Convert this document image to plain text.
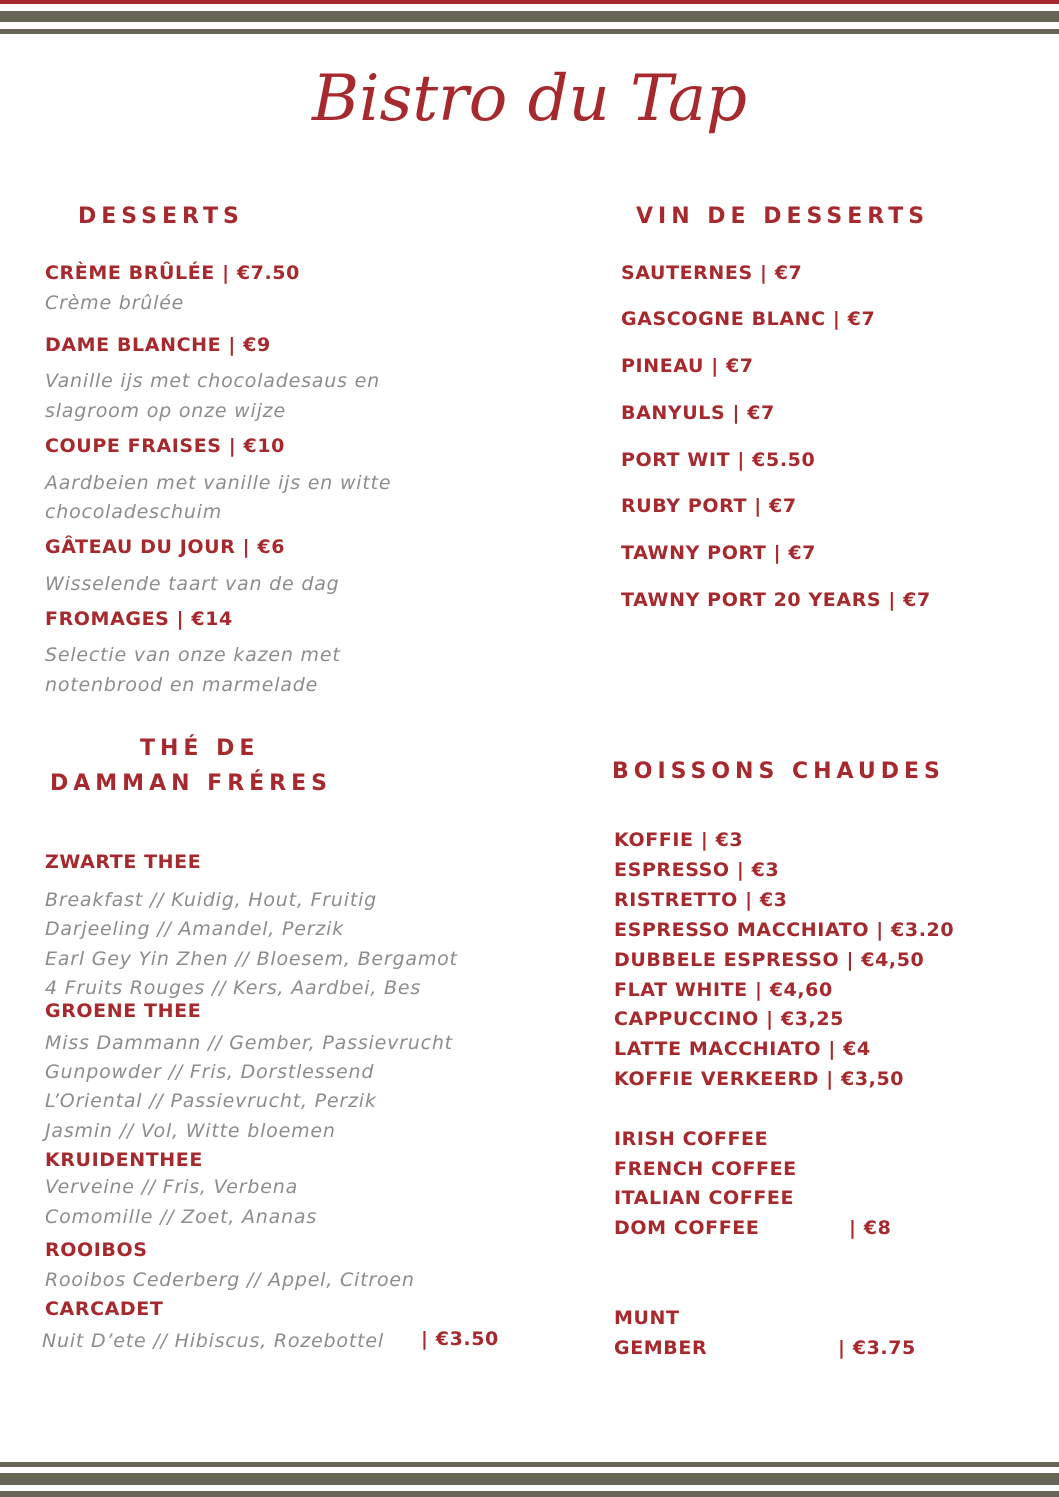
Bistro du Tap
DESSERTS
CRÈME BRÛLÉE | €7.50
Crème brûlée
DAME BLANCHE | €9
Vanille ijs met chocoladesaus en
slagroom op onze wijze
COUPE FRAISES | €10
Aardbeien met vanille ijs en witte
chocoladeschuim
GÂTEAU DU JOUR | €6
Wisselende taart van de dag
FROMAGES | €14
Selectie van onze kazen met
notenbrood en marmelade
VIN DE DESSERTS
SAUTERNES | €7
GASCOGNE BLANC | €7
PINEAU | €7
BANYULS | €7
PORT WIT | €5.50
RUBY PORT | €7
TAWNY PORT | €7
TAWNY PORT 20 YEARS | €7
THÉ DE
DAMMAN FRÉRES
ZWARTE THEE
Breakfast // Kuidig, Hout, Fruitig
Darjeeling // Amandel, Perzik
Earl Gey Yin Zhen // Bloesem, Bergamot
4 Fruits Rouges // Kers, Aardbei, Bes
GROENE THEE
Miss Dammann // Gember, Passievrucht
Gunpowder // Fris, Dorstlessend
L’Oriental // Passievrucht, Perzik
Jasmin // Vol, Witte bloemen
KRUIDENTHEE
Verveine // Fris, Verbena
Comomille // Zoet, Ananas
ROOIBOS
Rooibos Cederberg // Appel, Citroen
CARCADET
Nuit D’ete // Hibiscus, Rozebottel | €3.50
BOISSONS CHAUDES
KOFFIE | €3
ESPRESSO | €3
RISTRETTO | €3
ESPRESSO MACCHIATO | €3.20
DUBBELE ESPRESSO | €4,50
FLAT WHITE | €4,60
CAPPUCCINO | €3,25
LATTE MACCHIATO | €4
KOFFIE VERKEERD | €3,50
IRISH COFFEE
FRENCH COFFEE
ITALIAN COFFEE
DOM COFFEE	| €8
MUNT
GEMBER	| €3.75
